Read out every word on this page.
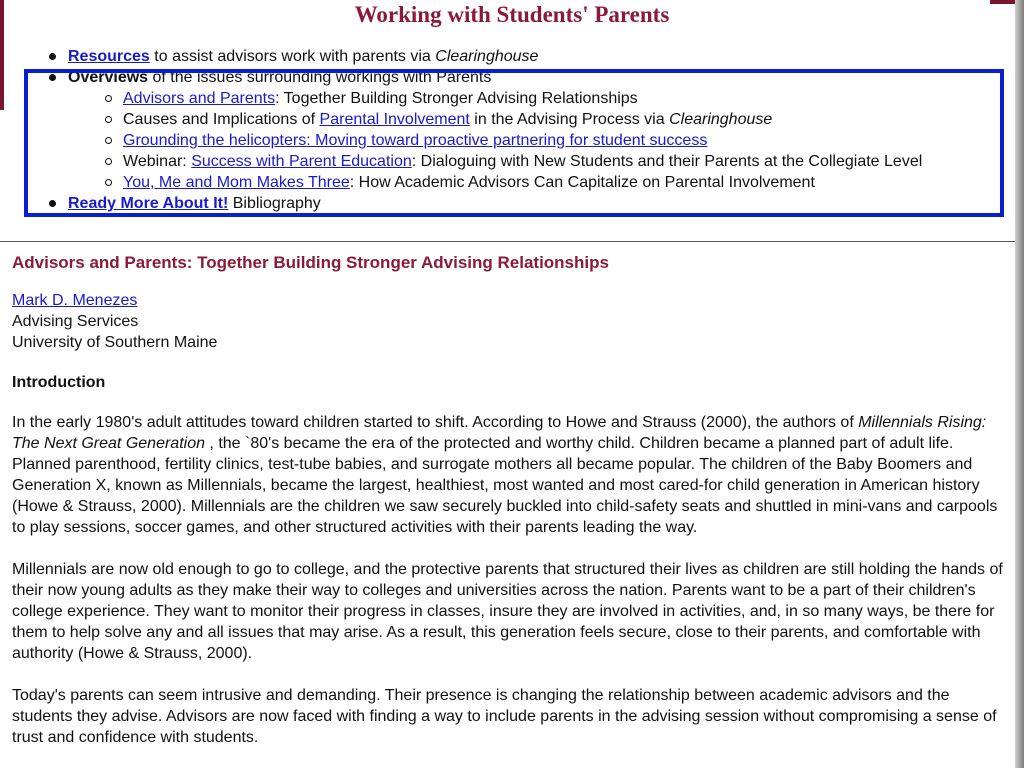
Working with Students' Parents
Resources to assist advisors work with parents via Clearinghouse
Overviews of the issues surrounding workings with Parents
Advisors and Parents: Together Building Stronger Advising Relationships
Causes and Implications of Parental Involvement in the Advising Process via Clearinghouse
Grounding the helicopters: Moving toward proactive partnering for student success
Webinar: Success with Parent Education: Dialoguing with New Students and their Parents at the Collegiate Level
You, Me and Mom Makes Three: How Academic Advisors Can Capitalize on Parental Involvement
Ready More About It! Bibliography
Advisors and Parents: Together Building Stronger Advising Relationships
Mark D. Menezes
Advising Services
University of Southern Maine
Introduction

In the early 1980's adult attitudes toward children started to shift. According to Howe and Strauss (2000), the authors of Millennials Rising: The Next Great Generation , the `80's became the era of the protected and worthy child. Children became a planned part of adult life. Planned parenthood, fertility clinics, test-tube babies, and surrogate mothers all became popular. The children of the Baby Boomers and Generation X, known as Millennials, became the largest, healthiest, most wanted and most cared-for child generation in American history (Howe & Strauss, 2000). Millennials are the children we saw securely buckled into child-safety seats and shuttled in mini-vans and carpools to play sessions, soccer games, and other structured activities with their parents leading the way.

Millennials are now old enough to go to college, and the protective parents that structured their lives as children are still holding the hands of their now young adults as they make their way to colleges and universities across the nation. Parents want to be a part of their children's college experience. They want to monitor their progress in classes, insure they are involved in activities, and, in so many ways, be there for them to help solve any and all issues that may arise. As a result, this generation feels secure, close to their parents, and comfortable with authority (Howe & Strauss, 2000).

Today's parents can seem intrusive and demanding. Their presence is changing the relationship between academic advisors and the students they advise. Advisors are now faced with finding a way to include parents in the advising session without compromising a sense of trust and confidence with students.
